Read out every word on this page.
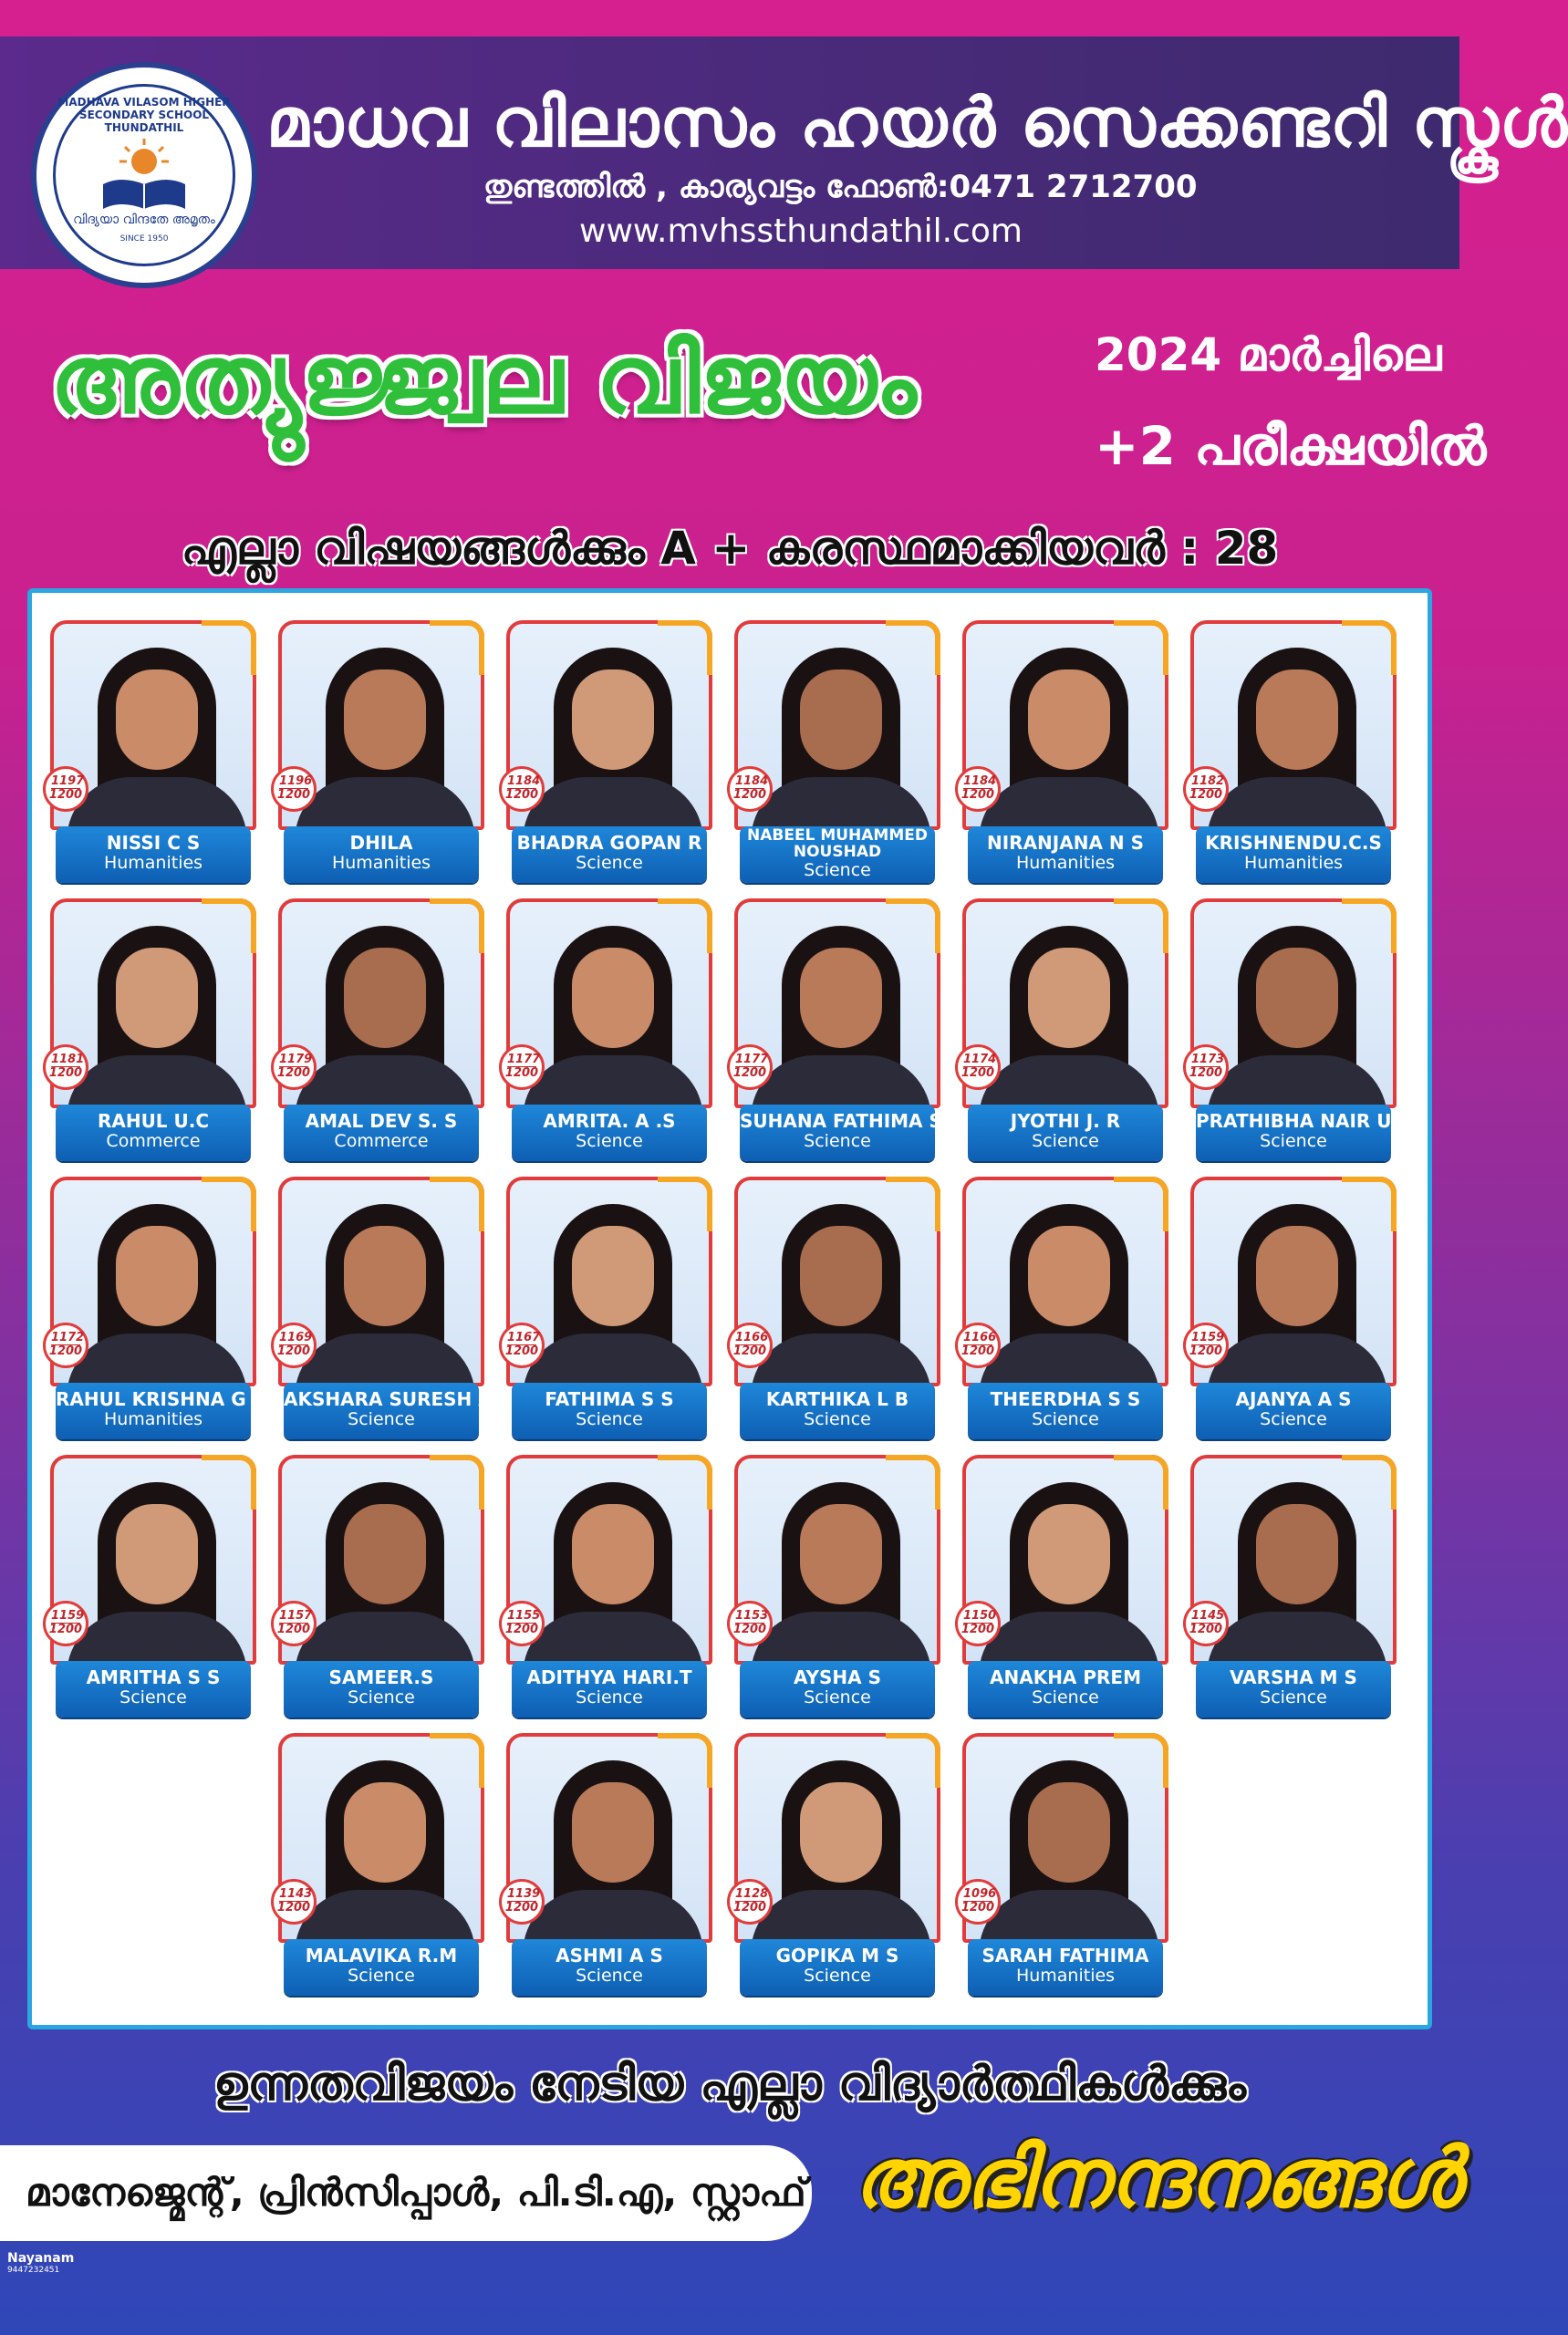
MADHAVA VILASOM HIGHER SECONDARY SCHOOL THUNDATHIL
വിദ്യയാ വിന്ദതേ അമൃതം
SINCE 1950
മാധവ വിലാസം ഹയർ സെക്കണ്ടറി സ്കൂൾ
തുണ്ടത്തിൽ , കാര്യവട്ടം ഫോൺ:0471 2712700
www.mvhssthundathil.com
അത്യുജ്ജ്വല വിജയം	2024 മാർച്ചിലെ
+2 പരീക്ഷയിൽ
എല്ലാ വിഷയങ്ങൾക്കും A + കരസ്ഥമാക്കിയവർ : 28
1197
1200
NISSI C S
Humanities
1196
1200
DHILA
Humanities
1184
1200
BHADRA GOPAN R
Science
1184
1200
NABEEL MUHAMMED NOUSHAD
Science
1184
1200
NIRANJANA N S
Humanities
1182
1200
KRISHNENDU.C.S
Humanities
1181
1200
RAHUL U.C
Commerce
1179
1200
AMAL DEV S. S
Commerce
1177
1200
AMRITA. A .S
Science
1177
1200
SUHANA FATHIMA S.H
Science
1174
1200
JYOTHI J. R
Science
1173
1200
PRATHIBHA NAIR U
Science
1172
1200
RAHUL KRISHNA G R
Humanities
1169
1200
AKSHARA SURESH A
Science
1167
1200
FATHIMA S S
Science
1166
1200
KARTHIKA L B
Science
1166
1200
THEERDHA S S
Science
1159
1200
AJANYA A S
Science
1159
1200
AMRITHA S S
Science
1157
1200
SAMEER.S
Science
1155
1200
ADITHYA HARI.T
Science
1153
1200
AYSHA S
Science
1150
1200
ANAKHA PREM
Science
1145
1200
VARSHA M S
Science
1143
1200
MALAVIKA R.M
Science
1139
1200
ASHMI A S
Science
1128
1200
GOPIKA M S
Science
1096
1200
SARAH FATHIMA
Humanities
ഉന്നതവിജയം നേടിയ എല്ലാ വിദ്യാർത്ഥികൾക്കും
മാനേജ്മെന്റ്, പ്രിൻസിപ്പാൾ, പി.ടി.എ, സ്റ്റാഫ് അഭിനന്ദനങ്ങൾ
Nayanam
9447232451
